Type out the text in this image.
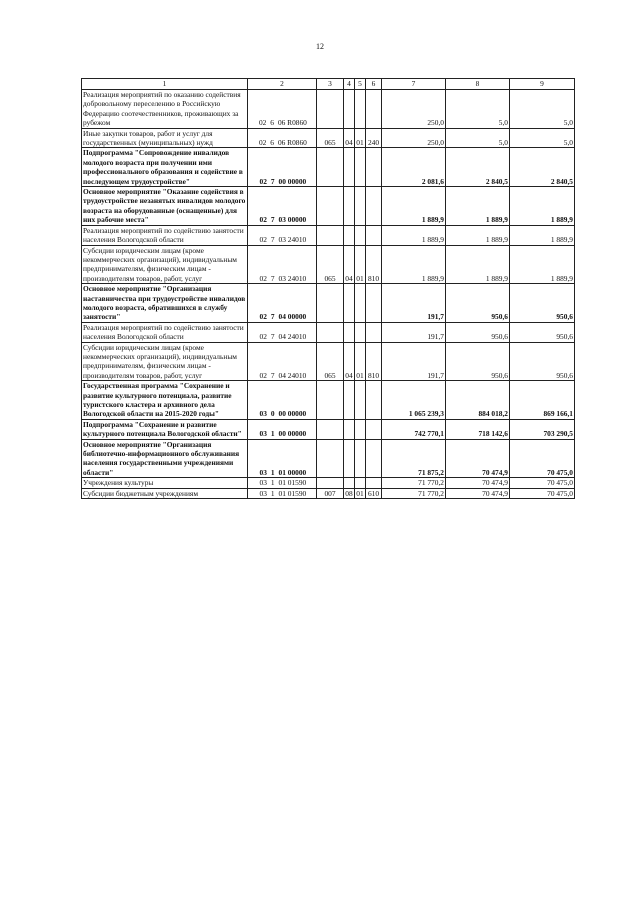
12
1	2	3	4	5	6	7	8	9
Реализация мероприятий по оказанию содействия добровольному переселению в Российскую Федерацию соотечественников, проживающих за рубежом	02 6 06 R0860					250,0	5,0	5,0
Иные закупки товаров, работ и услуг для государственных (муниципальных) нужд	02 6 06 R0860	065	04	01	240	250,0	5,0	5,0
Подпрограмма "Сопровождение инвалидов молодого возраста при получении ими профессионального образования и содействие в последующем трудоустройстве"	02 7 00 00000					2 081,6	2 840,5	2 840,5
Основное мероприятие "Оказание содействия в трудоустройстве незанятых инвалидов молодого возраста на оборудованные (оснащенные) для них рабочие места"	02 7 03 00000					1 889,9	1 889,9	1 889,9
Реализация мероприятий по содействию занятости населения Вологодской области	02 7 03 24010					1 889,9	1 889,9	1 889,9
Субсидии юридическим лицам (кроме некоммерческих организаций), индивидуальным предпринимателям, физическим лицам - производителям товаров, работ, услуг	02 7 03 24010	065	04	01	810	1 889,9	1 889,9	1 889,9
Основное мероприятие "Организация наставничества при трудоустройстве инвалидов молодого возраста, обратившихся в службу занятости"	02 7 04 00000					191,7	950,6	950,6
Реализация мероприятий по содействию занятости населения Вологодской области	02 7 04 24010					191,7	950,6	950,6
Субсидии юридическим лицам (кроме некоммерческих организаций), индивидуальным предпринимателям, физическим лицам - производителям товаров, работ, услуг	02 7 04 24010	065	04	01	810	191,7	950,6	950,6
Государственная программа "Сохранение и развитие культурного потенциала, развитие туристского кластера и архивного дела Вологодской области на 2015-2020 годы"	03 0 00 00000					1 065 239,3	884 018,2	869 166,1
Подпрограмма "Сохранение и развитие культурного потенциала Вологодской области"	03 1 00 00000					742 770,1	718 142,6	703 290,5
Основное мероприятие "Организация библиотечно-информационного обслуживания населения государственными учреждениями области"	03 1 01 00000					71 875,2	70 474,9	70 475,0
Учреждения культуры	03 1 01 01590					71 770,2	70 474,9	70 475,0
Субсидии бюджетным учреждениям	03 1 01 01590	007	08	01	610	71 770,2	70 474,9	70 475,0
